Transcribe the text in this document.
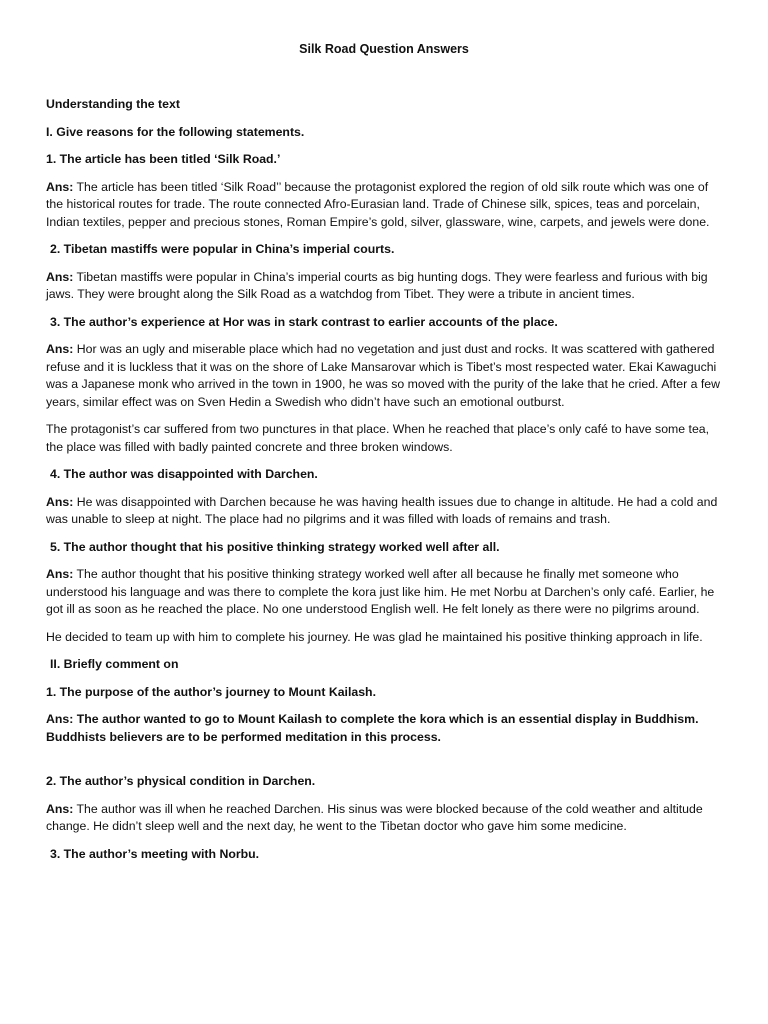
Silk Road Question Answers

Understanding the text

I. Give reasons for the following statements.

1. The article has been titled ‘Silk Road.’

Ans: The article has been titled ‘Silk Road’’ because the protagonist explored the region of old silk route which was one of the historical routes for trade. The route connected Afro-Eurasian land. Trade of Chinese silk, spices, teas and porcelain, Indian textiles, pepper and precious stones, Roman Empire’s gold, silver, glassware, wine, carpets, and jewels were done.

2. Tibetan mastiffs were popular in China’s imperial courts.

Ans: Tibetan mastiffs were popular in China’s imperial courts as big hunting dogs. They were fearless and furious with big jaws. They were brought along the Silk Road as a watchdog from Tibet. They were a tribute in ancient times.

3. The author’s experience at Hor was in stark contrast to earlier accounts of the place.

Ans: Hor was an ugly and miserable place which had no vegetation and just dust and rocks. It was scattered with gathered refuse and it is luckless that it was on the shore of Lake Mansarovar which is Tibet’s most respected water. Ekai Kawaguchi was a Japanese monk who arrived in the town in 1900, he was so moved with the purity of the lake that he cried. After a few years, similar effect was on Sven Hedin a Swedish who didn’t have such an emotional outburst.

The protagonist’s car suffered from two punctures in that place. When he reached that place’s only café to have some tea, the place was filled with badly painted concrete and three broken windows.

4. The author was disappointed with Darchen.

Ans: He was disappointed with Darchen because he was having health issues due to change in altitude. He had a cold and was unable to sleep at night. The place had no pilgrims and it was filled with loads of remains and trash.

5. The author thought that his positive thinking strategy worked well after all.

Ans: The author thought that his positive thinking strategy worked well after all because he finally met someone who understood his language and was there to complete the kora just like him. He met Norbu at Darchen’s only café. Earlier, he got ill as soon as he reached the place. No one understood English well. He felt lonely as there were no pilgrims around.

He decided to team up with him to complete his journey. He was glad he maintained his positive thinking approach in life.

II. Briefly comment on

1. The purpose of the author’s journey to Mount Kailash.

Ans: The author wanted to go to Mount Kailash to complete the kora which is an essential display in Buddhism. Buddhists believers are to be performed meditation in this process.

2. The author’s physical condition in Darchen.

Ans: The author was ill when he reached Darchen. His sinus was were blocked because of the cold weather and altitude change. He didn’t sleep well and the next day, he went to the Tibetan doctor who gave him some medicine.

3. The author’s meeting with Norbu.
